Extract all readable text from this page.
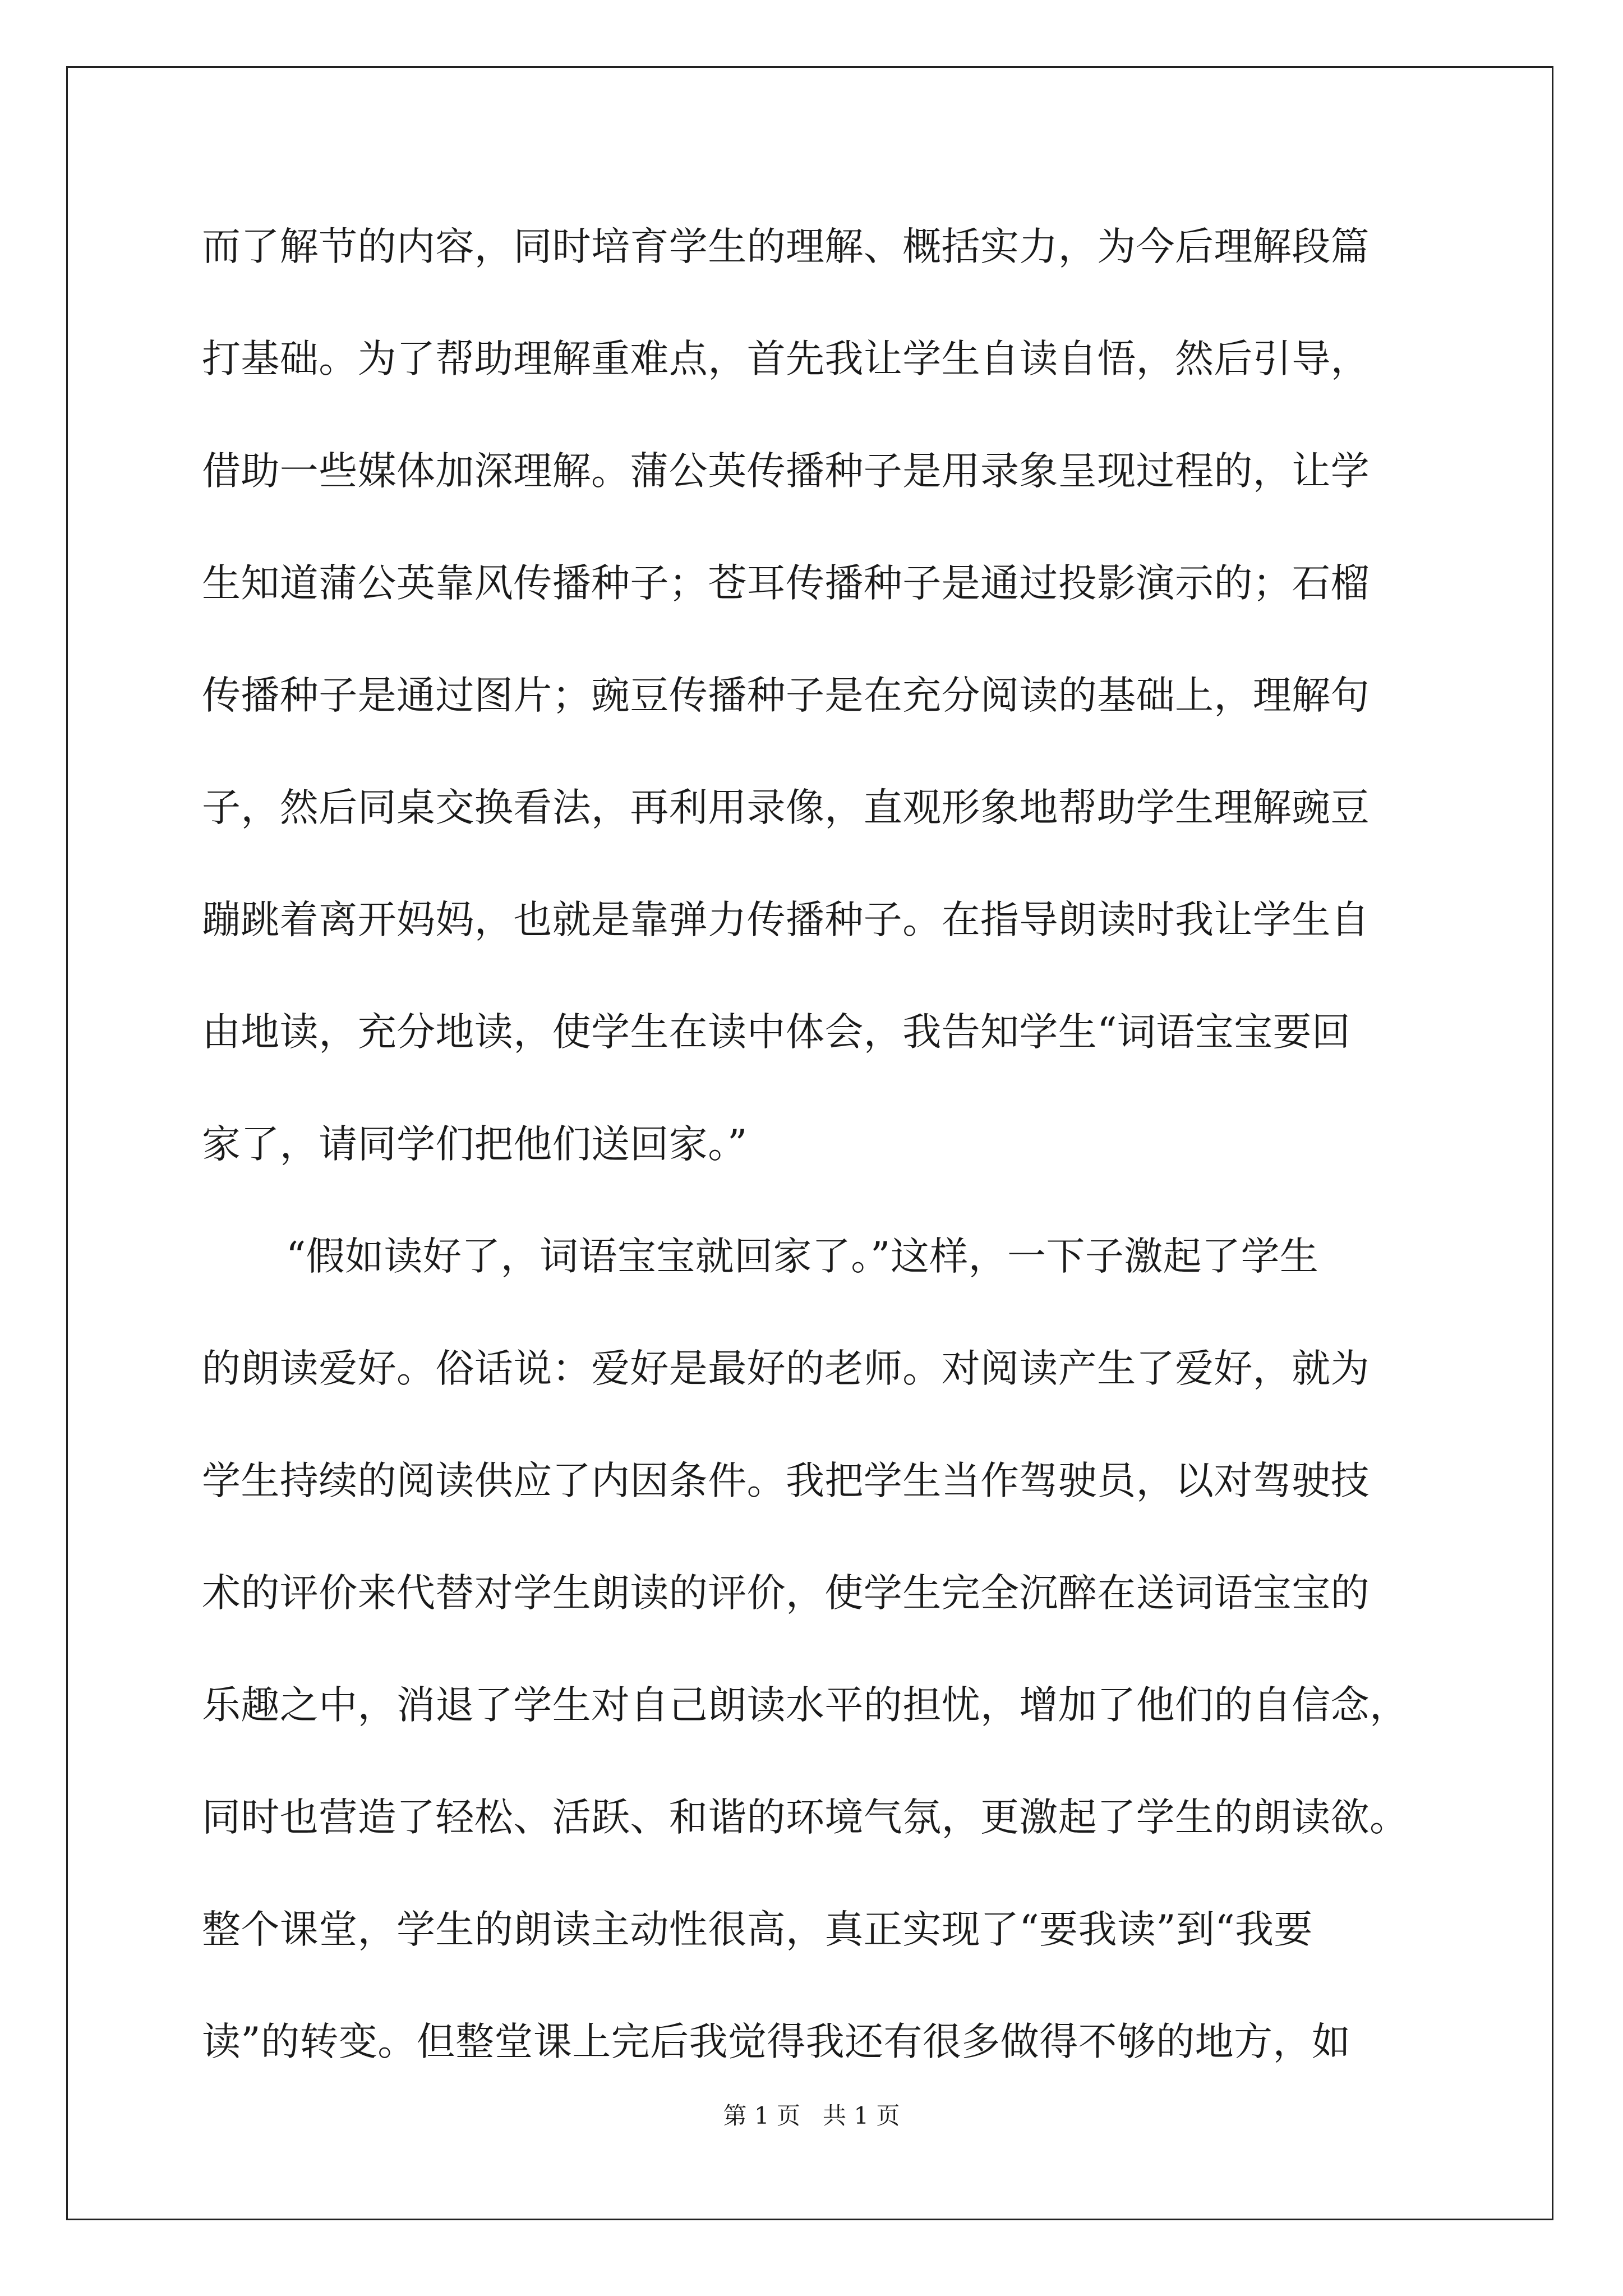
而了解节的内容，同时培育学生的理解、概括实力，为今后理解段篇
打基础。为了帮助理解重难点，首先我让学生自读自悟，然后引导，
借助一些媒体加深理解。蒲公英传播种子是用录象呈现过程的，让学
生知道蒲公英靠风传播种子；苍耳传播种子是通过投影演示的；石榴
传播种子是通过图片；豌豆传播种子是在充分阅读的基础上，理解句
子，然后同桌交换看法，再利用录像，直观形象地帮助学生理解豌豆
蹦跳着离开妈妈，也就是靠弹力传播种子。在指导朗读时我让学生自
由地读，充分地读，使学生在读中体会，我告知学生“词语宝宝要回
家了，请同学们把他们送回家。”
“假如读好了，词语宝宝就回家了。”这样，一下子激起了学生
的朗读爱好。俗话说：爱好是最好的老师。对阅读产生了爱好，就为
学生持续的阅读供应了内因条件。我把学生当作驾驶员，以对驾驶技
术的评价来代替对学生朗读的评价，使学生完全沉醉在送词语宝宝的
乐趣之中，消退了学生对自己朗读水平的担忧，增加了他们的自信念，
同时也营造了轻松、活跃、和谐的环境气氛，更激起了学生的朗读欲。
整个课堂，学生的朗读主动性很高，真正实现了“要我读”到“我要
读”的转变。但整堂课上完后我觉得我还有很多做得不够的地方，如
第 1 页   共 1 页
